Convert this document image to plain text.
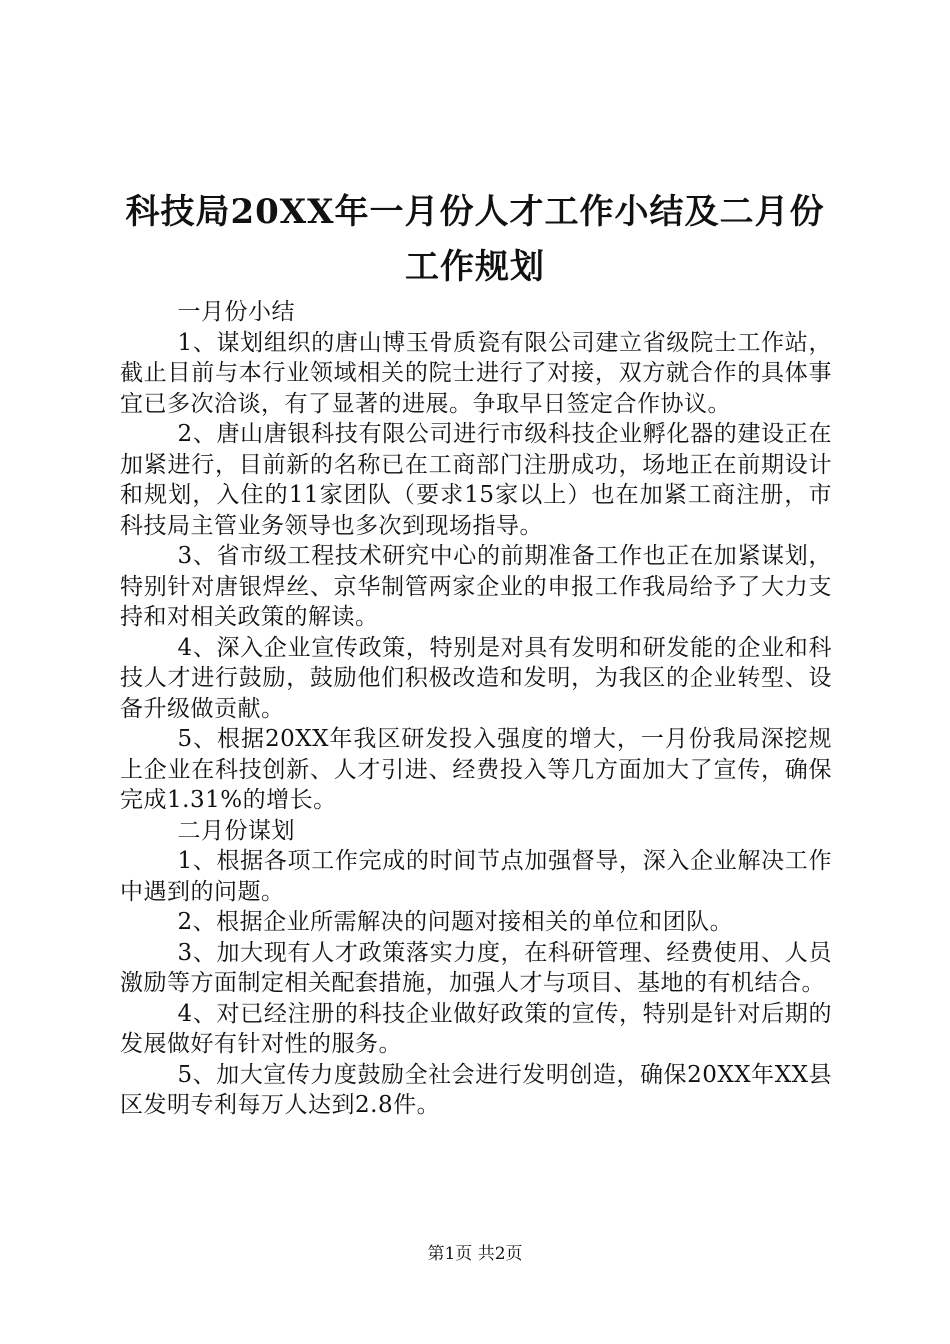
科技局20XX年一月份人才工作小结及二月份
工作规划

一月份小结

1、谋划组织的唐山博玉骨质瓷有限公司建立省级院士工作站，截止目前与本行业领域相关的院士进行了对接，双方就合作的具体事宜已多次洽谈，有了显著的进展。争取早日签定合作协议。

2、唐山唐银科技有限公司进行市级科技企业孵化器的建设正在加紧进行，目前新的名称已在工商部门注册成功，场地正在前期设计和规划，入住的11家团队（要求15家以上）也在加紧工商注册，市科技局主管业务领导也多次到现场指导。

3、省市级工程技术研究中心的前期准备工作也正在加紧谋划，特别针对唐银焊丝、京华制管两家企业的申报工作我局给予了大力支持和对相关政策的解读。

4、深入企业宣传政策，特别是对具有发明和研发能的企业和科技人才进行鼓励，鼓励他们积极改造和发明，为我区的企业转型、设备升级做贡献。

5、根据20XX年我区研发投入强度的增大，一月份我局深挖规上企业在科技创新、人才引进、经费投入等几方面加大了宣传，确保完成1.31%的增长。

二月份谋划

1、根据各项工作完成的时间节点加强督导，深入企业解决工作中遇到的问题。

2、根据企业所需解决的问题对接相关的单位和团队。

3、加大现有人才政策落实力度，在科研管理、经费使用、人员激励等方面制定相关配套措施，加强人才与项目、基地的有机结合。

4、对已经注册的科技企业做好政策的宣传，特别是针对后期的发展做好有针对性的服务。

5、加大宣传力度鼓励全社会进行发明创造，确保20XX年XX县区发明专利每万人达到2.8件。

第1页 共2页
